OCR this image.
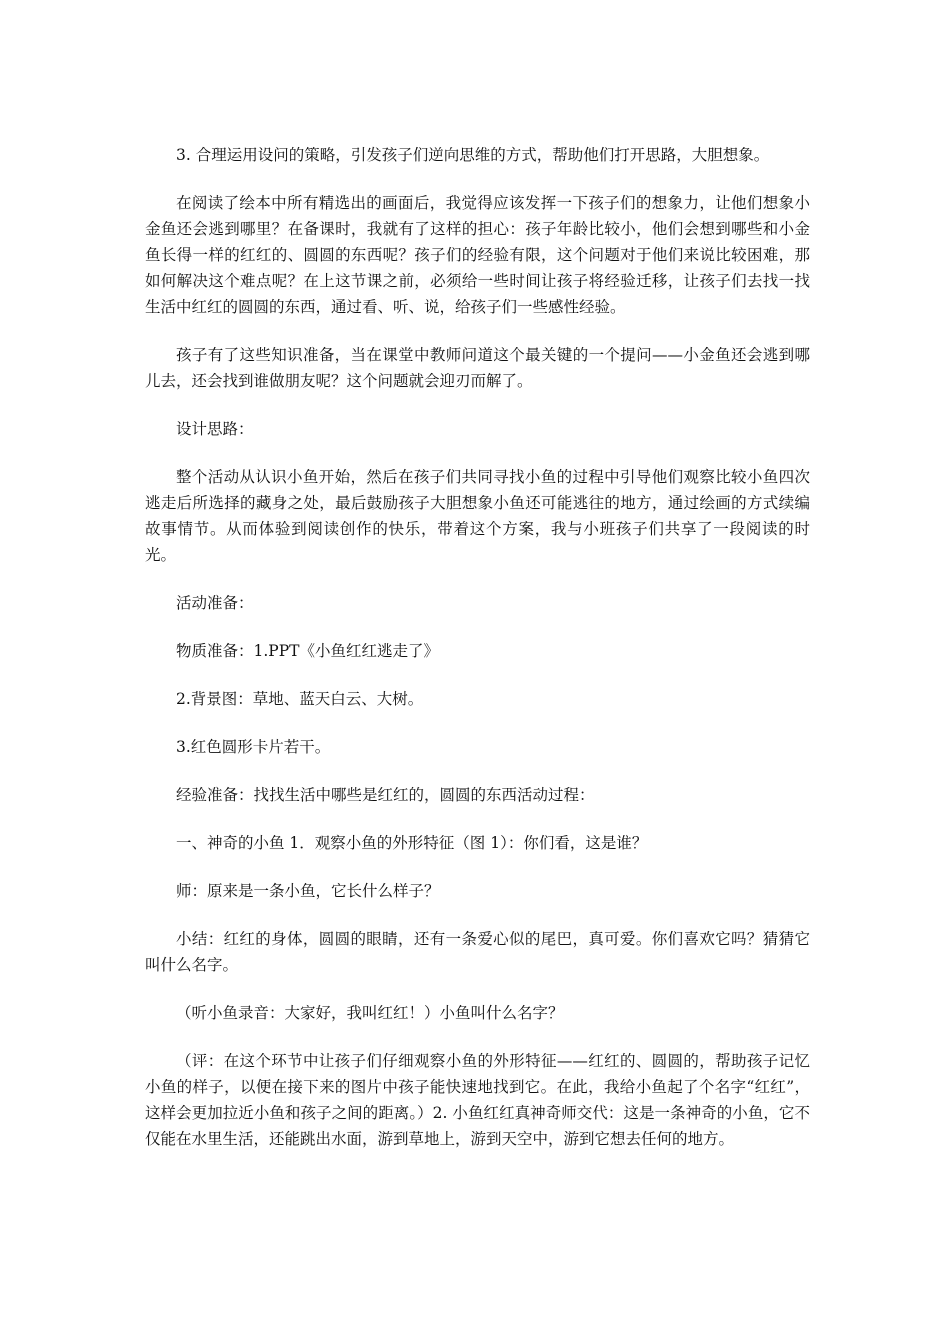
3. 合理运用设问的策略，引发孩子们逆向思维的方式，帮助他们打开思路，大胆想象。

在阅读了绘本中所有精选出的画面后，我觉得应该发挥一下孩子们的想象力，让他们想象小金鱼还会逃到哪里？在备课时，我就有了这样的担心：孩子年龄比较小，他们会想到哪些和小金鱼长得一样的红红的、圆圆的东西呢？孩子们的经验有限，这个问题对于他们来说比较困难，那如何解决这个难点呢？在上这节课之前，必须给一些时间让孩子将经验迁移，让孩子们去找一找生活中红红的圆圆的东西，通过看、听、说，给孩子们一些感性经验。

孩子有了这些知识准备，当在课堂中教师问道这个最关键的一个提问——小金鱼还会逃到哪儿去，还会找到谁做朋友呢？这个问题就会迎刃而解了。

设计思路：

整个活动从认识小鱼开始，然后在孩子们共同寻找小鱼的过程中引导他们观察比较小鱼四次逃走后所选择的藏身之处，最后鼓励孩子大胆想象小鱼还可能逃往的地方，通过绘画的方式续编故事情节。从而体验到阅读创作的快乐，带着这个方案，我与小班孩子们共享了一段阅读的时光。

活动准备：

物质准备：1.PPT《小鱼红红逃走了》

2.背景图：草地、蓝天白云、大树。

3.红色圆形卡片若干。

经验准备：找找生活中哪些是红红的，圆圆的东西活动过程：

一、神奇的小鱼 1．观察小鱼的外形特征（图 1）：你们看，这是谁？

师：原来是一条小鱼，它长什么样子？

小结：红红的身体，圆圆的眼睛，还有一条爱心似的尾巴，真可爱。你们喜欢它吗？猜猜它叫什么名字。

（听小鱼录音：大家好，我叫红红！）小鱼叫什么名字？

（评：在这个环节中让孩子们仔细观察小鱼的外形特征——红红的、圆圆的，帮助孩子记忆小鱼的样子，以便在接下来的图片中孩子能快速地找到它。在此，我给小鱼起了个名字“红红”，这样会更加拉近小鱼和孩子之间的距离。）2. 小鱼红红真神奇师交代：这是一条神奇的小鱼，它不仅能在水里生活，还能跳出水面，游到草地上，游到天空中，游到它想去任何的地方。
